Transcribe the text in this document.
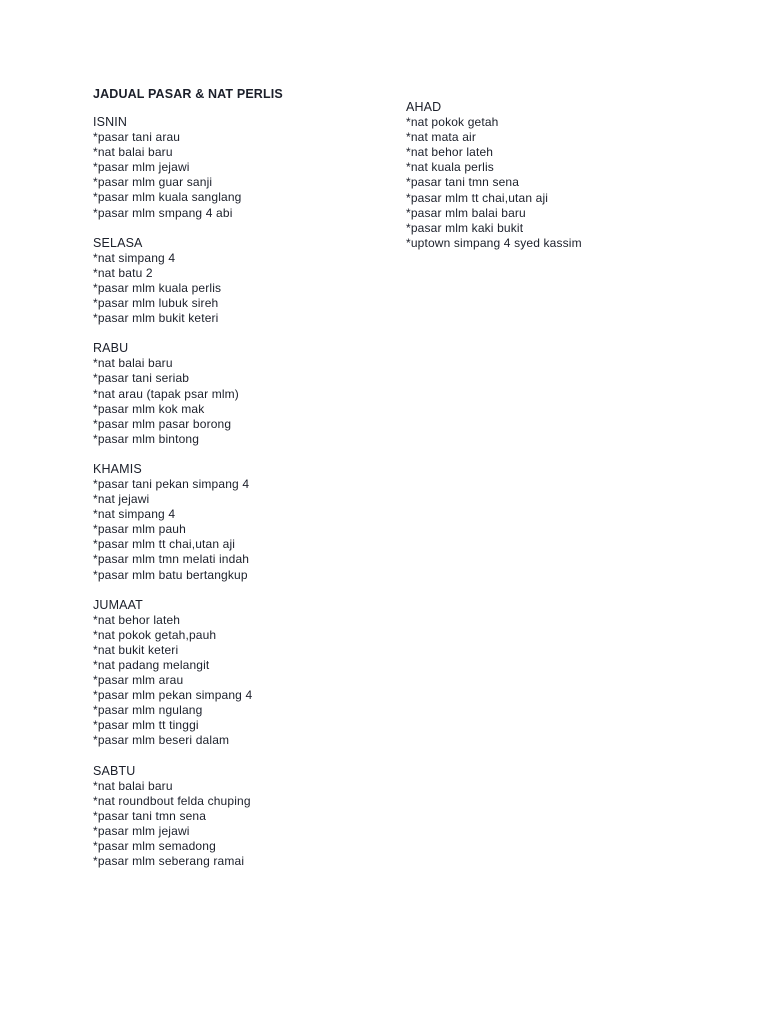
JADUAL PASAR & NAT PERLIS
ISNIN
*pasar tani arau
*nat balai baru
*pasar mlm jejawi
*pasar mlm guar sanji
*pasar mlm kuala sanglang
*pasar mlm smpang 4 abi
SELASA
*nat simpang 4
*nat batu 2
*pasar mlm kuala perlis
*pasar mlm lubuk sireh
*pasar mlm bukit keteri
RABU
*nat balai baru
*pasar tani seriab
*nat arau (tapak psar mlm)
*pasar mlm kok mak
*pasar mlm pasar borong
*pasar mlm bintong
KHAMIS
*pasar tani pekan simpang 4
*nat jejawi
*nat simpang 4
*pasar mlm pauh
*pasar mlm tt chai,utan aji
*pasar mlm tmn melati indah
*pasar mlm batu bertangkup
JUMAAT
*nat behor lateh
*nat pokok getah,pauh
*nat bukit keteri
*nat padang melangit
*pasar mlm arau
*pasar mlm pekan simpang 4
*pasar mlm ngulang
*pasar mlm tt tinggi
*pasar mlm beseri dalam
SABTU
*nat balai baru
*nat roundbout felda chuping
*pasar tani tmn sena
*pasar mlm jejawi
*pasar mlm semadong
*pasar mlm seberang ramai
AHAD
*nat pokok getah
*nat mata air
*nat behor lateh
*nat kuala perlis
*pasar tani tmn sena
*pasar mlm tt chai,utan aji
*pasar mlm balai baru
*pasar mlm kaki bukit
*uptown simpang 4 syed kassim
